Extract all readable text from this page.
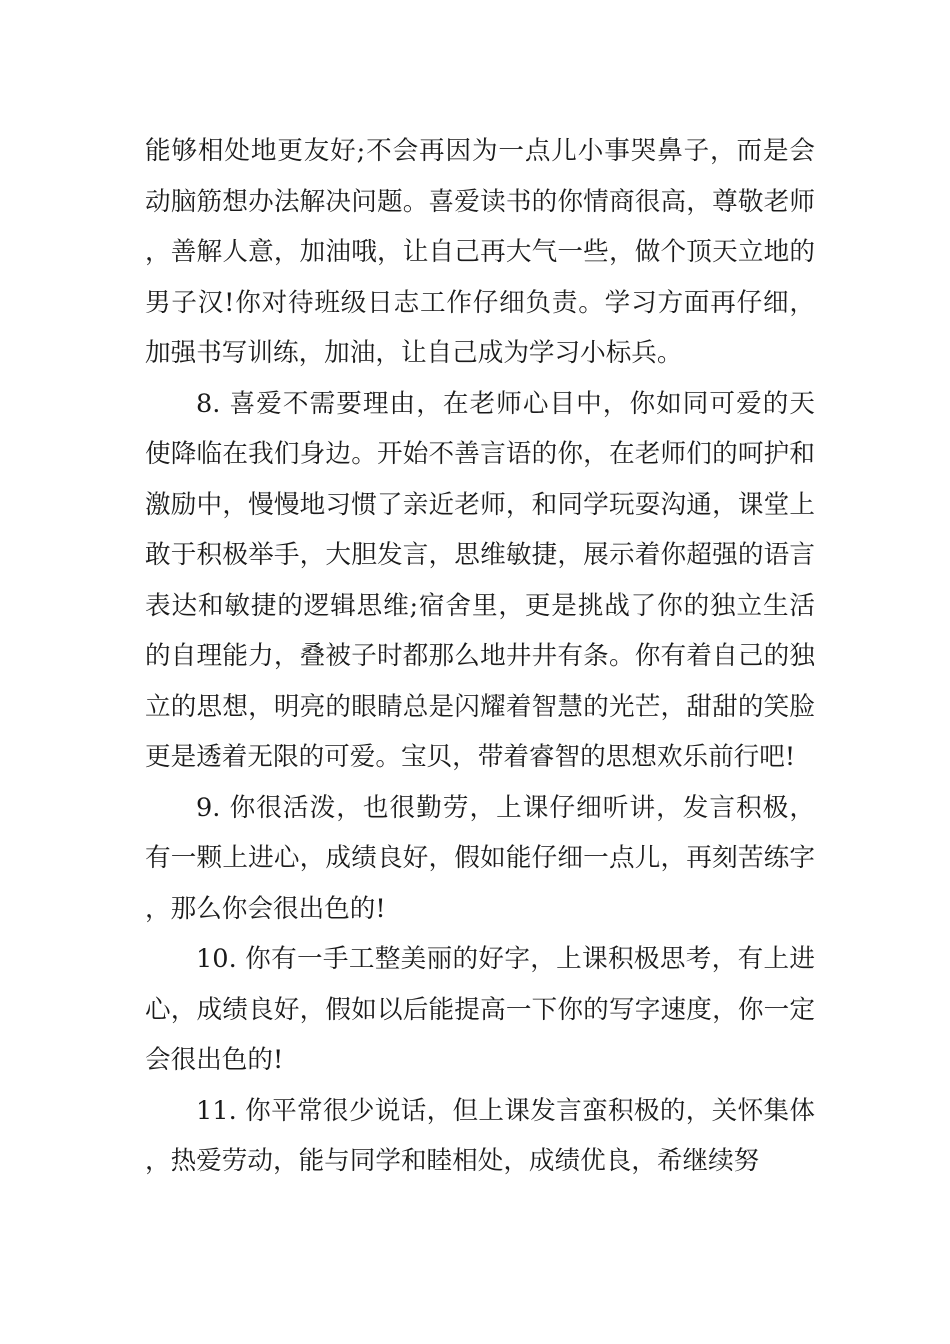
能够相处地更友好;不会再因为一点儿小事哭鼻子，而是会动脑筋想办法解决问题。喜爱读书的你情商很高，尊敬老师，善解人意，加油哦，让自己再大气一些，做个顶天立地的男子汉!你对待班级日志工作仔细负责。学习方面再仔细，加强书写训练，加油，让自己成为学习小标兵。

8. 喜爱不需要理由，在老师心目中，你如同可爱的天使降临在我们身边。开始不善言语的你，在老师们的呵护和激励中，慢慢地习惯了亲近老师，和同学玩耍沟通，课堂上敢于积极举手，大胆发言，思维敏捷，展示着你超强的语言表达和敏捷的逻辑思维;宿舍里，更是挑战了你的独立生活的自理能力，叠被子时都那么地井井有条。你有着自己的独立的思想，明亮的眼睛总是闪耀着智慧的光芒，甜甜的笑脸更是透着无限的可爱。宝贝，带着睿智的思想欢乐前行吧!

9. 你很活泼，也很勤劳，上课仔细听讲，发言积极，有一颗上进心，成绩良好，假如能仔细一点儿，再刻苦练字，那么你会很出色的!

10. 你有一手工整美丽的好字，上课积极思考，有上进心，成绩良好，假如以后能提高一下你的写字速度，你一定会很出色的!

11. 你平常很少说话，但上课发言蛮积极的，关怀集体，热爱劳动，能与同学和睦相处，成绩优良，希继续努
